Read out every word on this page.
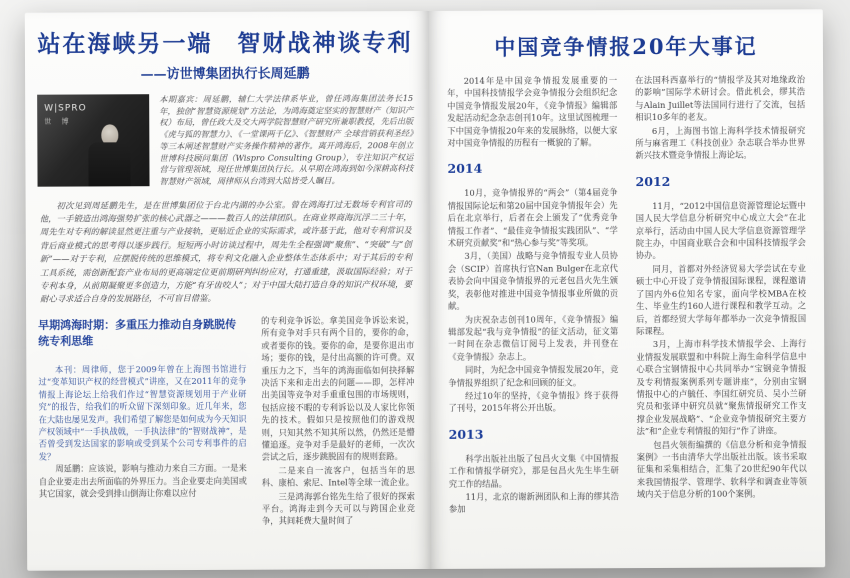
站在海峡另一端　智财战神谈专利
——访世博集团执行长周延鹏
W|SPRO
世 博

本期嘉宾：周延鹏，辅仁大学法律系毕业，曾任鸿海集团法务长15年，独创“智慧资源规划”方法论，为鸿海奠定坚实的智慧财产（知识产权）布局，曾任政大及交大两学院智慧财产研究所兼职教授，先后出版《虎与狐的智慧力》、《一堂课两千亿》、《智慧财产 全球营销获利圣经》等三本阐述智慧财产实务操作精神的著作。离开鸿海后，2008年创立世博科技顾问集团（Wispro Consulting Group），专注知识产权运营与管理领域，现任世博集团执行长。从早期在鸿海到如今深耕高科技智慧财产领域，周律师从台湾到大陆皆受人瞩目。

初次见到周延鹏先生，是在世博集团位于台北内湖的办公室。曾在鸿海打过无数场专利官司的他，一手锻造出鸿海强势扩张的核心武器之———数百人的法律团队。在商业界商海沉浮二三十年，周先生对专利的解读显然更注重与产业接轨，更贴近企业的实际需求，或许基于此，他对专利常识及背后商业模式的思考得以逐步践行。短短两小时访谈过程中，周先生全程强调“聚焦”、“突破”与“创新”——对于专利，应摆脱传统的思维模式，将专利文化融入企业整体生态体系中；对于其后的专利工具系统，需创新配套产业布局的更高端定位更前期研判纠纷应对，打通重建，汲取国际经验；对于专利本身，从前期凝聚更多创造力，方能“有牙齿咬人”；对于中国大陆打造自身的知识产权环境，要耐心寻求适合自身的发展路径，不可盲目借鉴。

早期鸿海时期：多重压力推动自身跳脱传统专利思维

本刊：周律师，您于2009年曾在上海图书馆进行过“变革知识产权的经营模式”讲座，又在2011年的竞争情报上海论坛上给我们作过“智慧资源规划用于产业研究”的报告，给我们的听众留下深刻印象。近几年来，您在大陆也屡见发声。我们希望了解您是如何成为今天知识产权领域中“一手执战戟，一手执法律”的“智财战神”，是否曾受到发达国家的影响或受到某个公司专利事件的启发？

周延鹏：应该说，影响与推动力来自三方面。一是来自企业要走出去所面临的外界压力。当企业要走向美国或其它国家，就会受到排山倒海让你难以应付

的专利竞争诉讼。拿美国竞争诉讼来说，所有竞争对手只有两个目的，要你的命，或者要你的钱。要你的命，是要你退出市场；要你的钱，是付出高额的许可费。双重压力之下，当年的鸿海面临如何抉择解决活下来和走出去的问题——即，怎样冲出美国等竞争对手重重包围的市场规则，包括应接不暇的专利诉讼以及人家比你领先的技术。假如只是按照他们的游戏规则，只知其然不知其所以然，仍然还是懵懂追逐。竞争对手是最好的老师，一次次尝试之后，逐步跳脱固有的规则套路。

二是来自一流客户，包括当年的思科、康柏、索尼、Intel等全球一流企业。

三是鸿海郭台铭先生给了很好的探索平台。鸿海走到今天可以与跨国企业竞争，其间耗费大量时间了

中国竞争情报20年大事记

2014年是中国竞争情报发展重要的一年，中国科技情报学会竞争情报分会组织纪念中国竞争情报发展20年，《竞争情报》编辑部发起活动纪念杂志创刊10年。这里试图梳理一下中国竞争情报20年来的发展脉络，以便大家对中国竞争情报的历程有一概貌的了解。

2014

10月，竞争情报界的“两会”（第4届竞争情报国际论坛和第20届中国竞争情报年会）先后在北京举行，后者在会上颁发了“优秀竞争情报工作者”、“最佳竞争情报实践团队”、“学术研究贡献奖”和“热心参与奖”等奖项。

3月，（美国）战略与竞争情报专业人员协会（SCIP）首席执行官Nan Bulger在北京代表协会向中国竞争情报界的元老包昌火先生颁奖，表彰他对推进中国竞争情报事业所做的贡献。

为庆祝杂志创刊10周年，《竞争情报》编辑部发起“我与竞争情报”的征文活动，征文第一时间在杂志微信订阅号上发表，并刊登在《竞争情报》杂志上。

同时，为纪念中国竞争情报发展20年，竞争情报界组织了纪念和回顾的征文。

经过10年的坚持，《竞争情报》终于获得了刊号，2015年将公开出版。

2013

科学出版社出版了包昌火文集《中国情报工作和情报学研究》，那是包昌火先生毕生研究工作的结晶。

11月，北京的谢新洲团队和上海的缪其浩参加

在法国科西嘉举行的“情报学及其对地缘政治的影响”国际学术研讨会。借此机会，缪其浩与Alain Juillet等法国同行进行了交流，包括相识10多年的老友。

6月，上海图书馆上海科学技术情报研究所与麻省理工《科技创业》杂志联合举办世界新兴技术暨竞争情报上海论坛。

2012

11月，“2012中国信息资源管理论坛暨中国人民大学信息分析研究中心成立大会”在北京举行，活动由中国人民大学信息资源管理学院主办，中国商业联合会和中国科技情报学会协办。

同月，首都对外经济贸易大学尝试在专业硕士中心开设了竞争情报国际课程，课程邀请了国内外6位知名专家，面向学校MBA在校生、毕业生约160人进行课程和教学互动。之后，首都经贸大学每年都举办一次竞争情报国际课程。

3月，上海市科学技术情报学会、上海行业情报发展联盟和中科院上海生命科学信息中心联合宝钢情报中心共同举办“宝钢竞争情报及专利情报案例系列专题讲座”，分别由宝钢情报中心的卢毓任、李国红研究员、吴小兰研究员和张译中研究员就“聚焦情报研究工作支撑企业发展战略”、“企业竞争情报研究主要方法”和“企业专利情报的知行”作了讲座。

包昌火领衔编撰的《信息分析和竞争情报案例》一书由清华大学出版社出版。该书采取征集和采集相结合，汇集了20世纪90年代以来我国情报学、管理学、软科学和调查业等领域内关于信息分析的100个案例。
